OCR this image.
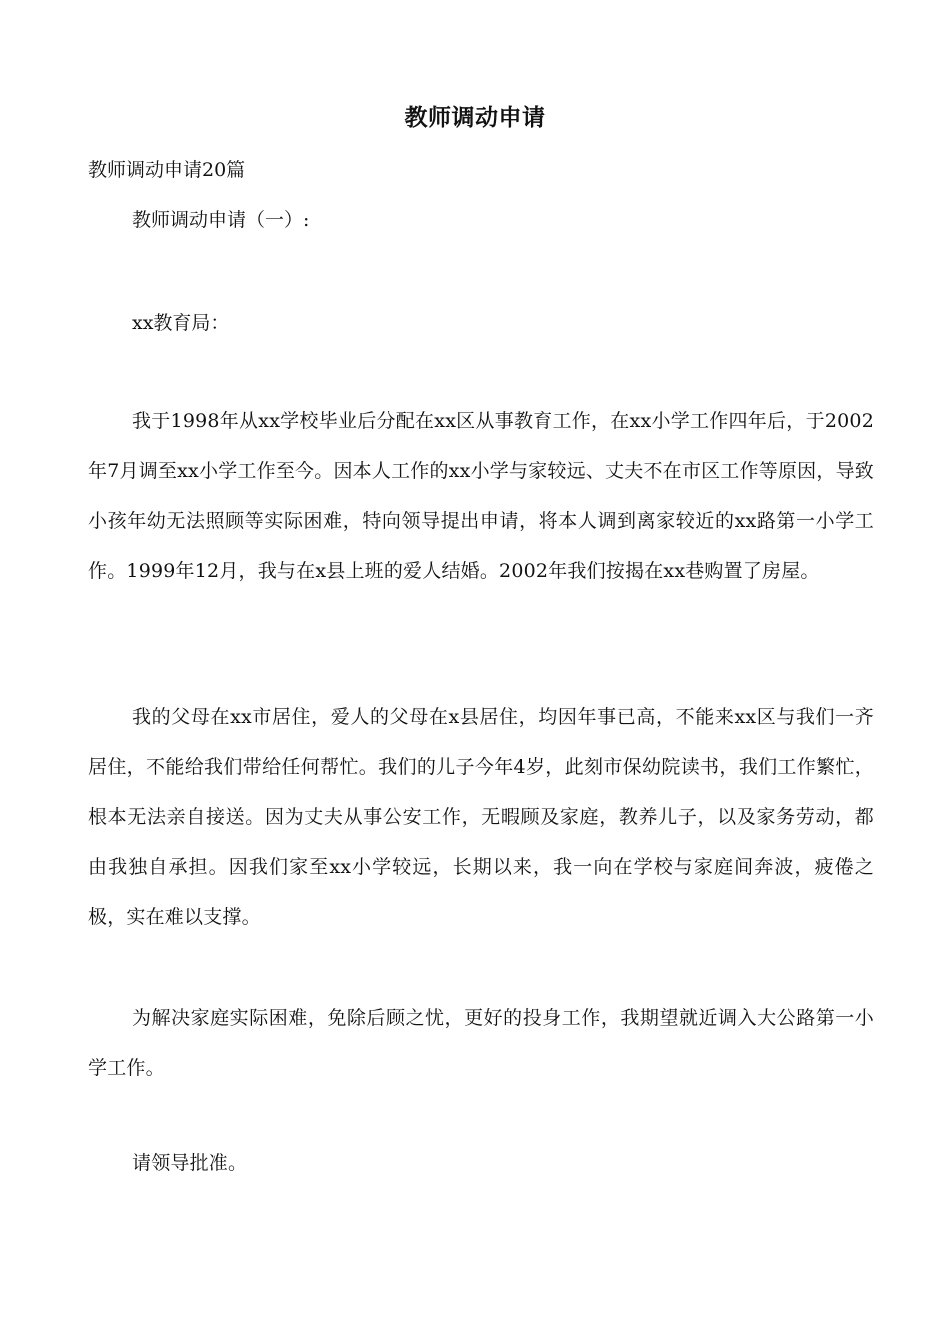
教师调动申请
教师调动申请20篇
教师调动申请（一）:
xx教育局：

我于1998年从xx学校毕业后分配在xx区从事教育工作，在xx小学工作四年后，于2002年7月调至xx小学工作至今。因本人工作的xx小学与家较远、丈夫不在市区工作等原因，导致小孩年幼无法照顾等实际困难，特向领导提出申请，将本人调到离家较近的xx路第一小学工作。1999年12月，我与在x县上班的爱人结婚。2002年我们按揭在xx巷购置了房屋。

我的父母在xx市居住，爱人的父母在x县居住，均因年事已高，不能来xx区与我们一齐居住，不能给我们带给任何帮忙。我们的儿子今年4岁，此刻市保幼院读书，我们工作繁忙，根本无法亲自接送。因为丈夫从事公安工作，无暇顾及家庭，教养儿子，以及家务劳动，都由我独自承担。因我们家至xx小学较远，长期以来，我一向在学校与家庭间奔波，疲倦之极，实在难以支撑。

为解决家庭实际困难，免除后顾之忧，更好的投身工作，我期望就近调入大公路第一小学工作。

请领导批准。
